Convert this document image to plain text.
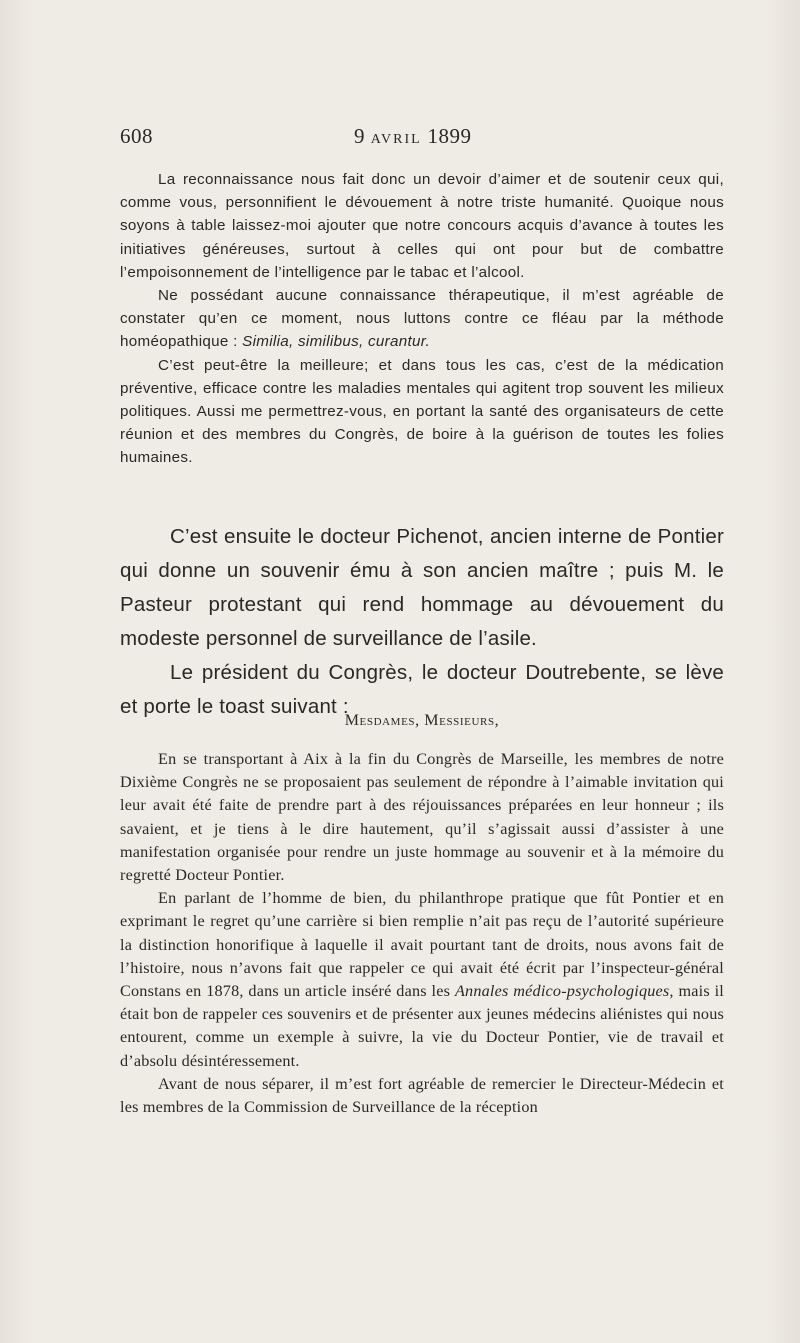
608	9 AVRIL 1899

La reconnaissance nous fait donc un devoir d’aimer et de soutenir ceux qui, comme vous, personnifient le dévouement à notre triste humanité. Quoique nous soyons à table laissez-moi ajouter que notre concours acquis d’avance à toutes les initiatives généreuses, surtout à celles qui ont pour but de combattre l’empoisonnement de l’intelligence par le tabac et l’alcool.

Ne possédant aucune connaissance thérapeutique, il m’est agréable de constater qu’en ce moment, nous luttons contre ce fléau par la méthode homéopathique : Similia, similibus, curantur.

C’est peut-être la meilleure; et dans tous les cas, c’est de la médication préventive, efficace contre les maladies mentales qui agitent trop souvent les milieux politiques. Aussi me permettrez-vous, en portant la santé des organisateurs de cette réunion et des membres du Congrès, de boire à la guérison de toutes les folies humaines.

C’est ensuite le docteur Pichenot, ancien interne de Pontier qui donne un souvenir ému à son ancien maître ; puis M. le Pasteur protestant qui rend hommage au dévouement du modeste personnel de surveillance de l’asile.

Le président du Congrès, le docteur Doutrebente, se lève et porte le toast suivant :

Mesdames, Messieurs,

En se transportant à Aix à la fin du Congrès de Marseille, les membres de notre Dixième Congrès ne se proposaient pas seulement de répondre à l’aimable invitation qui leur avait été faite de prendre part à des réjouissances préparées en leur honneur ; ils savaient, et je tiens à le dire hautement, qu’il s’agissait aussi d’assister à une manifestation organisée pour rendre un juste hommage au souvenir et à la mémoire du regretté Docteur Pontier.

En parlant de l’homme de bien, du philanthrope pratique que fût Pontier et en exprimant le regret qu’une carrière si bien remplie n’ait pas reçu de l’autorité supérieure la distinction honorifique à laquelle il avait pourtant tant de droits, nous avons fait de l’histoire, nous n’avons fait que rappeler ce qui avait été écrit par l’inspecteur-général Constans en 1878, dans un article inséré dans les Annales médico-psychologiques, mais il était bon de rappeler ces souvenirs et de présenter aux jeunes médecins aliénistes qui nous entourent, comme un exemple à suivre, la vie du Docteur Pontier, vie de travail et d’absolu désintéressement.

Avant de nous séparer, il m’est fort agréable de remercier le Directeur-Médecin et les membres de la Commission de Surveillance de la réception
